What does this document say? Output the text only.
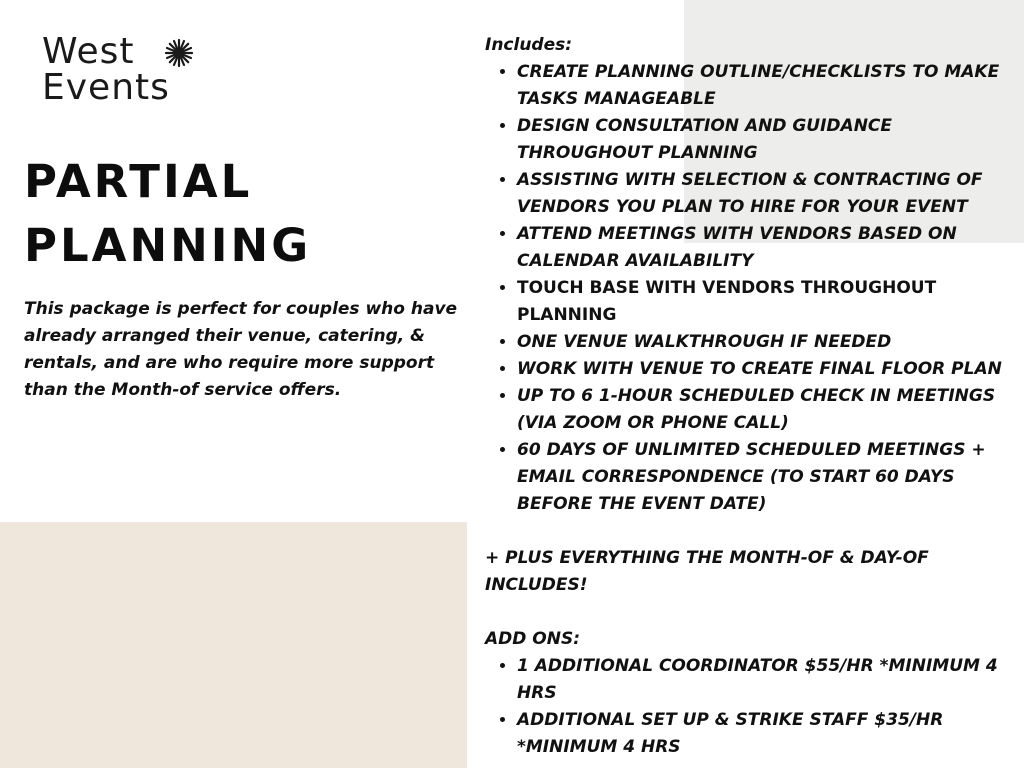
West
Events
PARTIAL
PLANNING

This package is perfect for couples who have already arranged their venue, catering, & rentals, and are who require more support than the Month-of service offers.

Includes:

• CREATE PLANNING OUTLINE/CHECKLISTS TO MAKE TASKS MANAGEABLE
• DESIGN CONSULTATION AND GUIDANCE THROUGHOUT PLANNING
• ASSISTING WITH SELECTION & CONTRACTING OF VENDORS YOU PLAN TO HIRE FOR YOUR EVENT
• ATTEND MEETINGS WITH VENDORS BASED ON CALENDAR AVAILABILITY
• TOUCH BASE WITH VENDORS THROUGHOUT PLANNING
• ONE VENUE WALKTHROUGH IF NEEDED
• WORK WITH VENUE TO CREATE FINAL FLOOR PLAN
• UP TO 6 1-HOUR SCHEDULED CHECK IN MEETINGS (VIA ZOOM OR PHONE CALL)
• 60 DAYS OF UNLIMITED SCHEDULED MEETINGS + EMAIL CORRESPONDENCE (TO START 60 DAYS BEFORE THE EVENT DATE)

+ PLUS EVERYTHING THE MONTH-OF & DAY-OF INCLUDES!

ADD ONS:

• 1 ADDITIONAL COORDINATOR $55/HR *MINIMUM 4 HRS
• ADDITIONAL SET UP & STRIKE STAFF $35/HR *MINIMUM 4 HRS
